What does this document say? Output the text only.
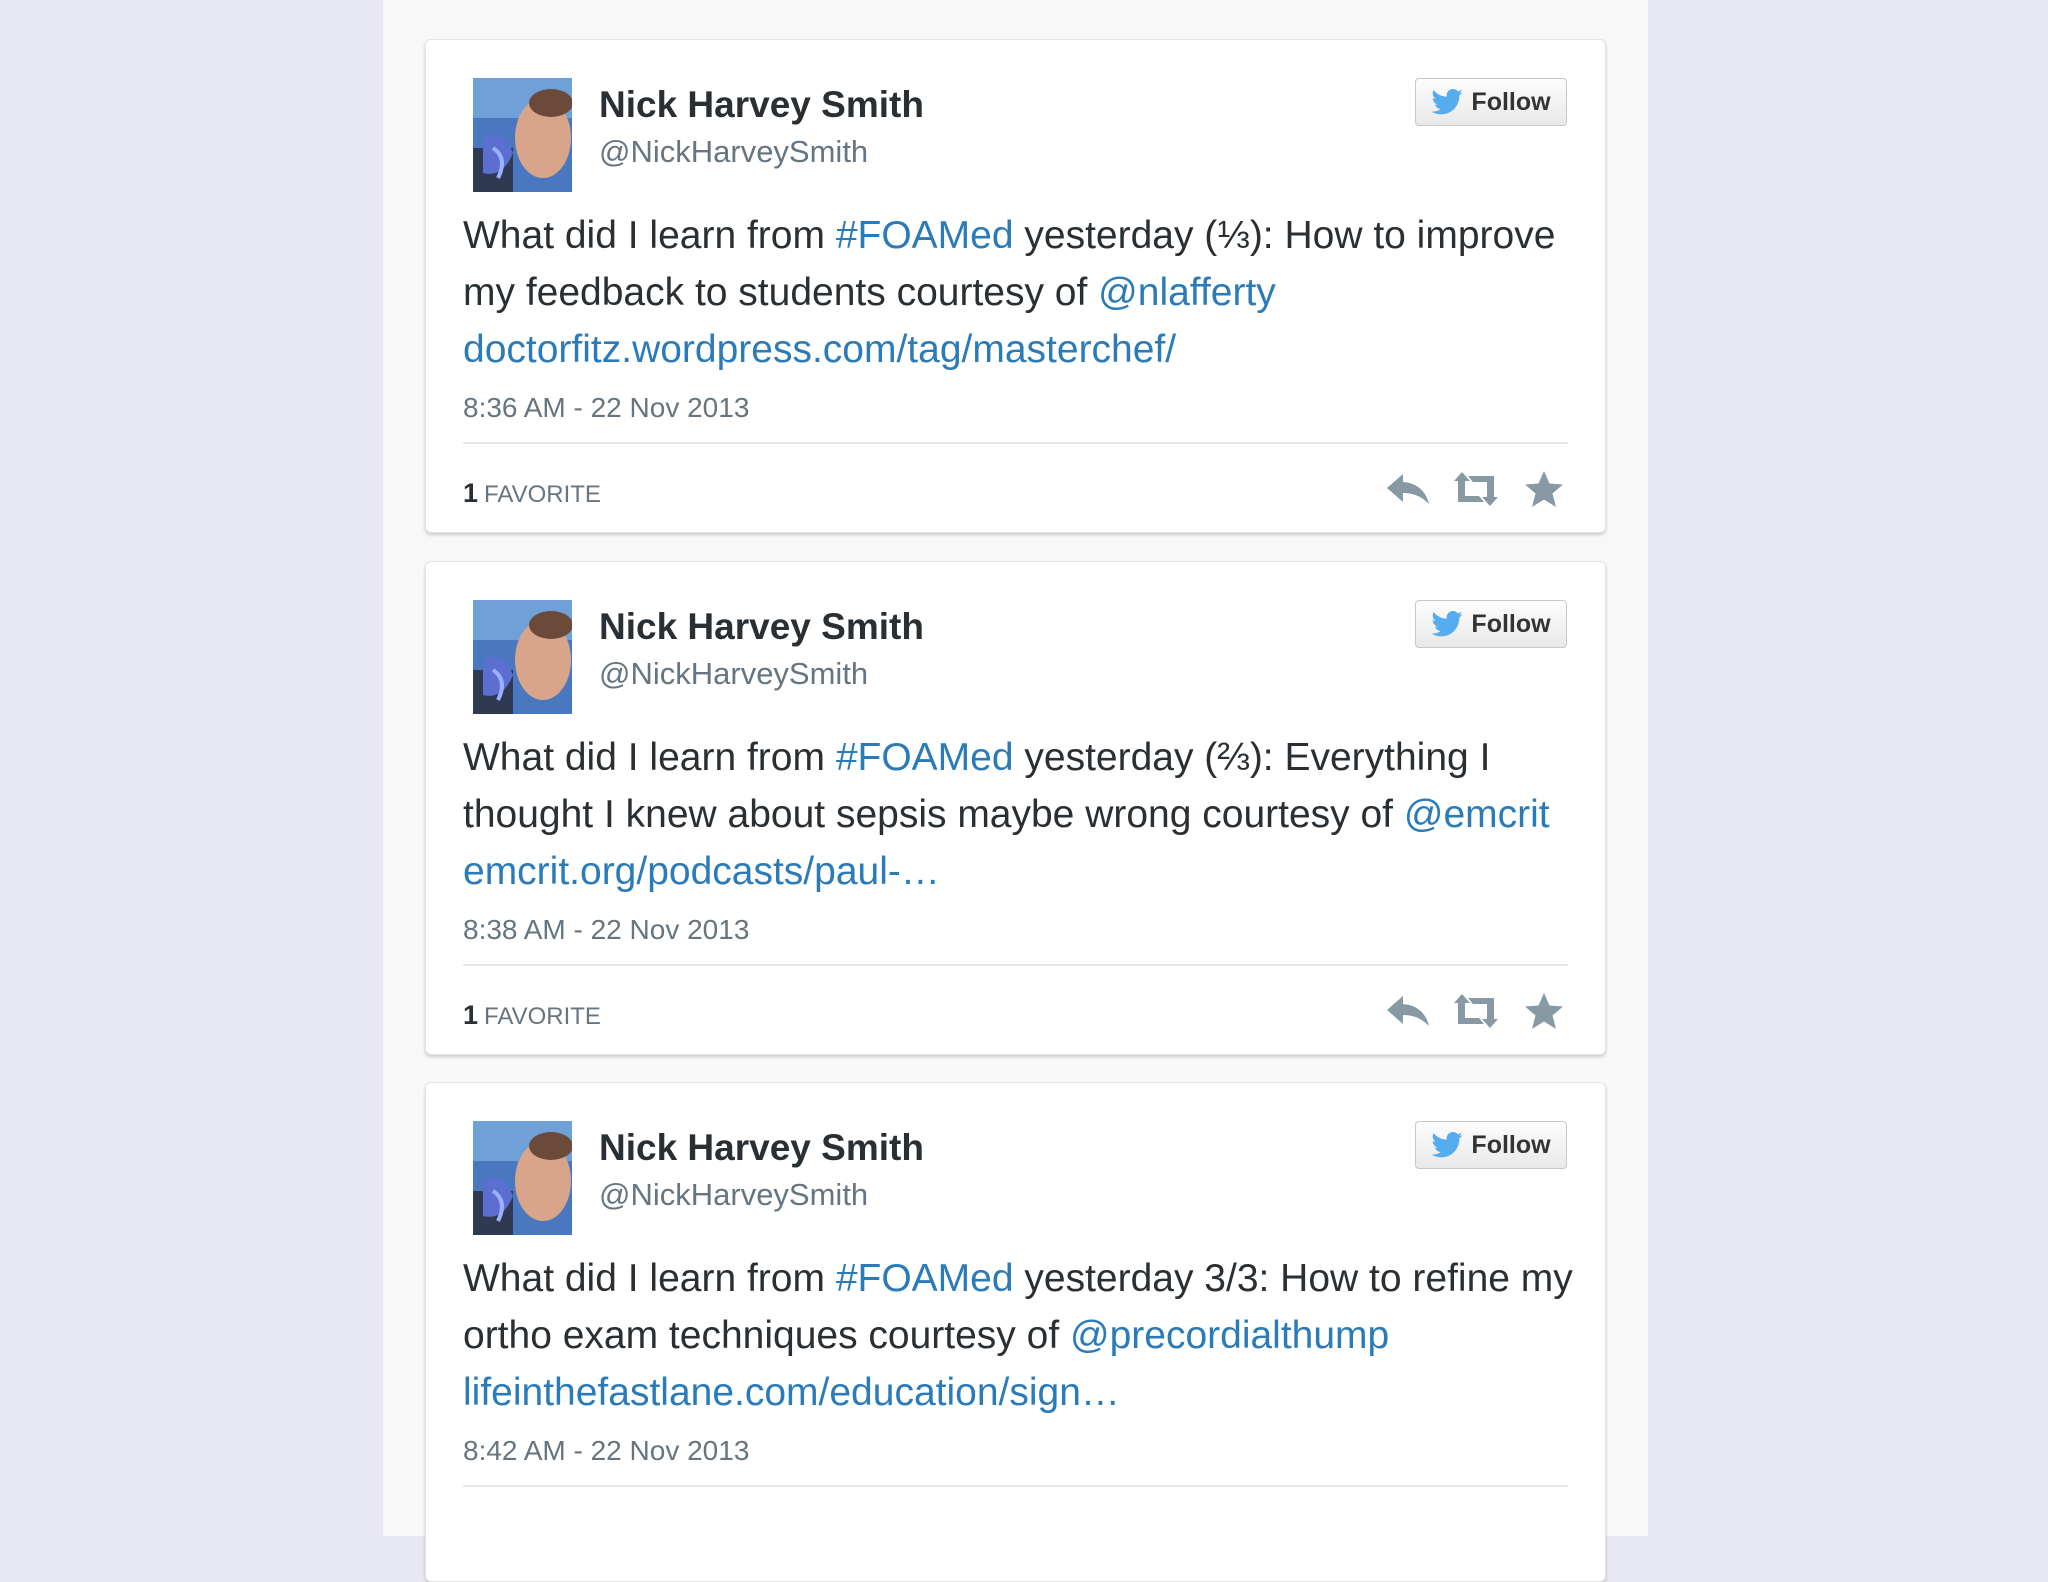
Nick Harvey Smith
@NickHarveySmith
Follow

What did I learn from #FOAMed yesterday (⅓): How to improve my feedback to students courtesy of @nlafferty doctorfitz.wordpress.com/tag/masterchef/

8:36 AM - 22 Nov 2013
1 FAVORITE
Nick Harvey Smith
@NickHarveySmith
Follow

What did I learn from #FOAMed yesterday (⅔): Everything I thought I knew about sepsis maybe wrong courtesy of @emcrit emcrit.org/podcasts/paul-…

8:38 AM - 22 Nov 2013
1 FAVORITE
Nick Harvey Smith
@NickHarveySmith
Follow

What did I learn from #FOAMed yesterday 3/3: How to refine my ortho exam techniques courtesy of @precordialthump lifeinthefastlane.com/education/sign…

8:42 AM - 22 Nov 2013
